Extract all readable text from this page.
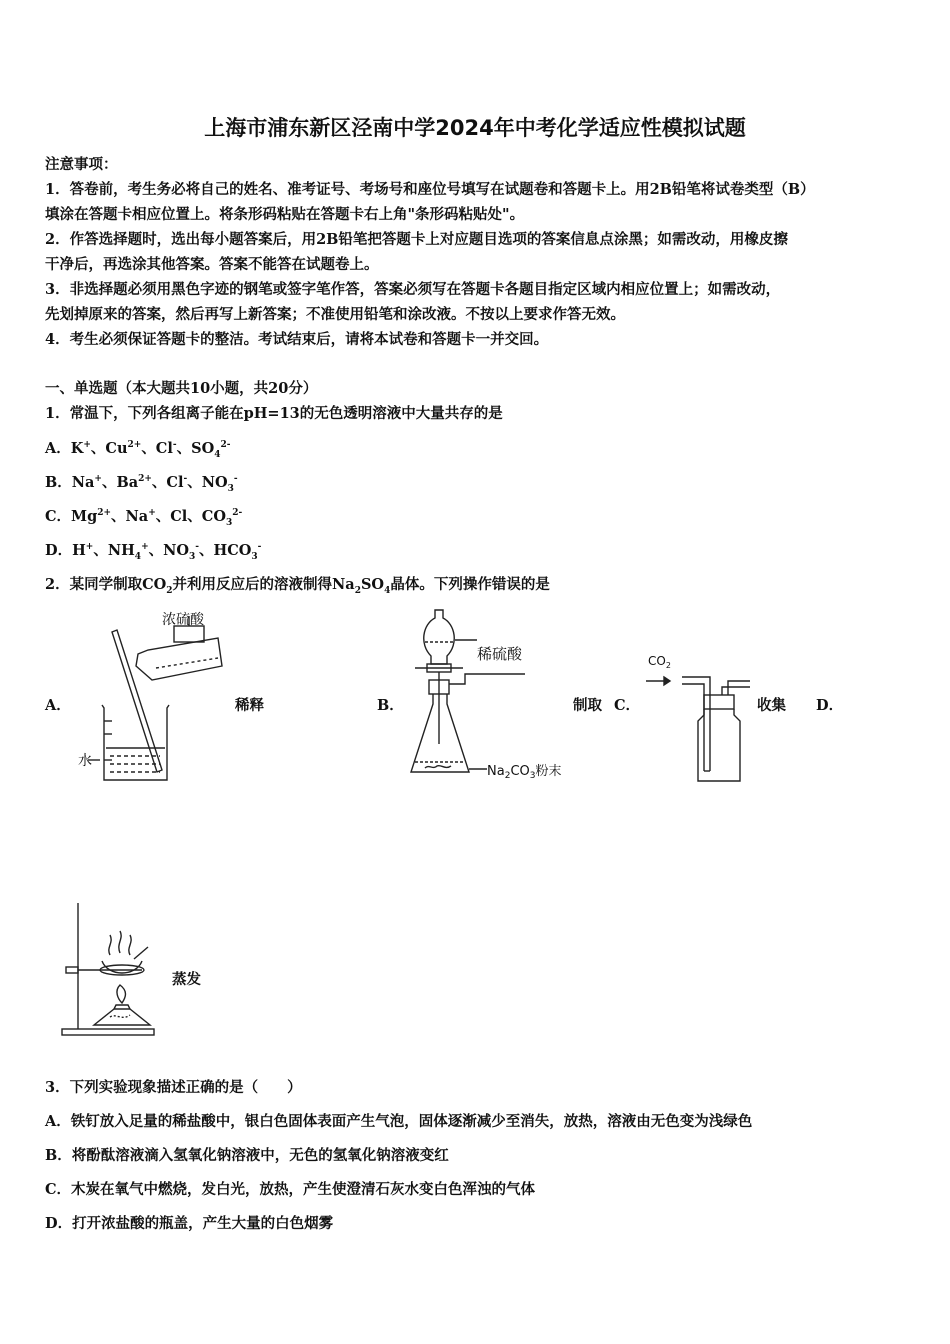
上海市浦东新区泾南中学2024年中考化学适应性模拟试题
注意事项：
1．答卷前，考生务必将自己的姓名、准考证号、考场号和座位号填写在试题卷和答题卡上。用2B铅笔将试卷类型（B）
填涂在答题卡相应位置上。将条形码粘贴在答题卡右上角"条形码粘贴处"。
2．作答选择题时，选出每小题答案后，用2B铅笔把答题卡上对应题目选项的答案信息点涂黑；如需改动，用橡皮擦
干净后，再选涂其他答案。答案不能答在试题卷上。
3．非选择题必须用黑色字迹的钢笔或签字笔作答，答案必须写在答题卡各题目指定区域内相应位置上；如需改动，
先划掉原来的答案，然后再写上新答案；不准使用铅笔和涂改液。不按以上要求作答无效。
4．考生必须保证答题卡的整洁。考试结束后，请将本试卷和答题卡一并交回。
一、单选题（本大题共10小题，共20分）
1．常温下，下列各组离子能在pH=13的无色透明溶液中大量共存的是
A．K+、$Cu^{2+}$、Cl-、$SO_4^{2-}$
B．Na+、$Ba^{2+}$、Cl-、$NO_3^-$
C．$Mg^{2+}$、Na+、Cl、$CO_3^{2-}$
D．H+、$NH_4^+$、$NO_3^-$、$HCO_3^-$
2．某同学制取$CO_2$并利用反应后的溶液制得$Na_2SO_4$晶体。下列操作错误的是
A．	稀释	B．	制取 C．	收集 D．
蒸发
浓硫酸
水
稀硫酸
$Na_2CO_3$粉末
$CO_2$
3．下列实验现象描述正确的是（　　）
A．铁钉放入足量的稀盐酸中，银白色固体表面产生气泡，固体逐渐减少至消失，放热，溶液由无色变为浅绿色
B．将酚酞溶液滴入氢氧化钠溶液中，无色的氢氧化钠溶液变红
C．木炭在氧气中燃烧，发白光，放热，产生使澄清石灰水变白色浑浊的气体
D．打开浓盐酸的瓶盖，产生大量的白色烟雾
